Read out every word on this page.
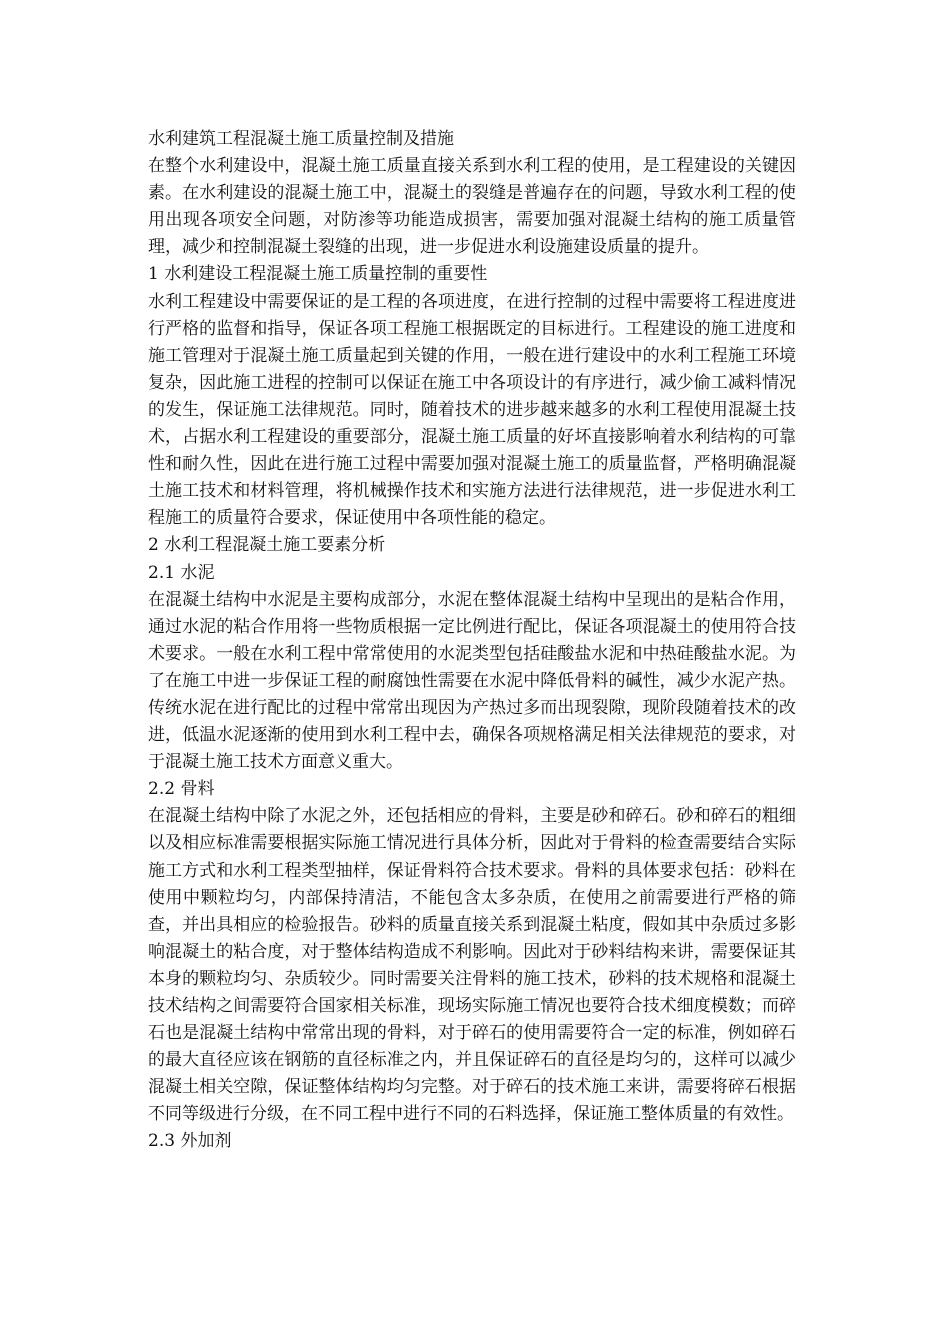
水利建筑工程混凝土施工质量控制及措施

在整个水利建设中，混凝土施工质量直接关系到水利工程的使用，是工程建设的关键因素。在水利建设的混凝土施工中，混凝土的裂缝是普遍存在的问题，导致水利工程的使用出现各项安全问题，对防渗等功能造成损害，需要加强对混凝土结构的施工质量管理，减少和控制混凝土裂缝的出现，进一步促进水利设施建设质量的提升。

1 水利建设工程混凝土施工质量控制的重要性

水利工程建设中需要保证的是工程的各项进度，在进行控制的过程中需要将工程进度进行严格的监督和指导，保证各项工程施工根据既定的目标进行。工程建设的施工进度和施工管理对于混凝土施工质量起到关键的作用，一般在进行建设中的水利工程施工环境复杂，因此施工进程的控制可以保证在施工中各项设计的有序进行，减少偷工减料情况的发生，保证施工法律规范。同时，随着技术的进步越来越多的水利工程使用混凝土技术，占据水利工程建设的重要部分，混凝土施工质量的好坏直接影响着水利结构的可靠性和耐久性，因此在进行施工过程中需要加强对混凝土施工的质量监督，严格明确混凝土施工技术和材料管理，将机械操作技术和实施方法进行法律规范，进一步促进水利工程施工的质量符合要求，保证使用中各项性能的稳定。

2 水利工程混凝土施工要素分析

2.1 水泥

在混凝土结构中水泥是主要构成部分，水泥在整体混凝土结构中呈现出的是粘合作用，通过水泥的粘合作用将一些物质根据一定比例进行配比，保证各项混凝土的使用符合技术要求。一般在水利工程中常常使用的水泥类型包括硅酸盐水泥和中热硅酸盐水泥。为了在施工中进一步保证工程的耐腐蚀性需要在水泥中降低骨料的碱性，减少水泥产热。传统水泥在进行配比的过程中常常出现因为产热过多而出现裂隙，现阶段随着技术的改进，低温水泥逐渐的使用到水利工程中去，确保各项规格满足相关法律规范的要求，对于混凝土施工技术方面意义重大。

2.2 骨料

在混凝土结构中除了水泥之外，还包括相应的骨料，主要是砂和碎石。砂和碎石的粗细以及相应标准需要根据实际施工情况进行具体分析，因此对于骨料的检查需要结合实际施工方式和水利工程类型抽样，保证骨料符合技术要求。骨料的具体要求包括：砂料在使用中颗粒均匀，内部保持清洁，不能包含太多杂质，在使用之前需要进行严格的筛查，并出具相应的检验报告。砂料的质量直接关系到混凝土粘度，假如其中杂质过多影响混凝土的粘合度，对于整体结构造成不利影响。因此对于砂料结构来讲，需要保证其本身的颗粒均匀、杂质较少。同时需要关注骨料的施工技术，砂料的技术规格和混凝土技术结构之间需要符合国家相关标准，现场实际施工情况也要符合技术细度模数；而碎石也是混凝土结构中常常出现的骨料，对于碎石的使用需要符合一定的标准，例如碎石的最大直径应该在钢筋的直径标准之内，并且保证碎石的直径是均匀的，这样可以减少混凝土相关空隙，保证整体结构均匀完整。对于碎石的技术施工来讲，需要将碎石根据不同等级进行分级，在不同工程中进行不同的石料选择，保证施工整体质量的有效性。

2.3 外加剂
